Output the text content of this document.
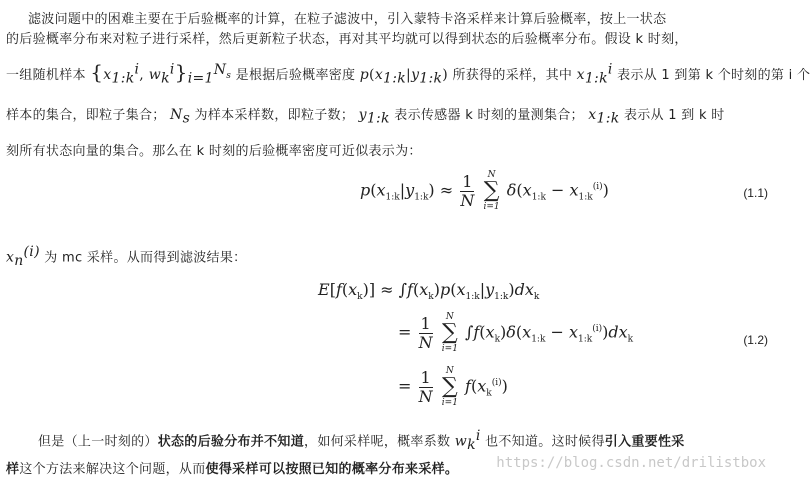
滤波问题中的困难主要在于后验概率的计算，在粒子滤波中，引入蒙特卡洛采样来计算后验概率，按上一状态
的后验概率分布来对粒子进行采样，然后更新粒子状态，再对其平均就可以得到状态的后验概率分布。假设 k 时刻，
一组随机样本 {$x_{1:k}^i$, $w_k^i\}_{i=1}^{N_s}$ 是根据后验概率密度 $p(x_{1:k}|y_{1:k})$ 所获得的采样，其中 $x_{1:k}^i$ 表示从 1 到第 k 个时刻的第 i 个
样本的集合，即粒子集合； $N_s$ 为样本采样数，即粒子数； $y_{1:k}$ 表示传感器 k 时刻的量测集合； $x_{1:k}$ 表示从 1 到 k 时
刻所有状态向量的集合。那么在 k 时刻的后验概率密度可近似表示为：
$p(x_{1:k}|y_{1:k}) \approx \frac{1}{N}$
	N
∑
i=1
$\delta(x_{1:k} - x_{1:k}^{(i)})$	(1.1)
$x_n^{(i)}$ 为 mc 采样。从而得到滤波结果：
$E[f(x_k)] \approx \int f(x_k)p(x_{1:k}|y_{1:k})dx_k$
= $\frac{1}{N}$
	N
∑
i=1
$\int f(x_k)\delta(x_{1:k} - x_{1:k}^{(i)})dx_k$	(1.2)
= $\frac{1}{N}$
	N
∑
i=1
$f(x_k^{(i)})$
但是（上一时刻的）状态的后验分布并不知道，如何采样呢，概率系数 $w_k^i$ 也不知道。这时候得引入重要性采
样这个方法来解决这个问题，从而使得采样可以按照已知的概率分布来采样。	https://blog.csdn.net/drilistbox
